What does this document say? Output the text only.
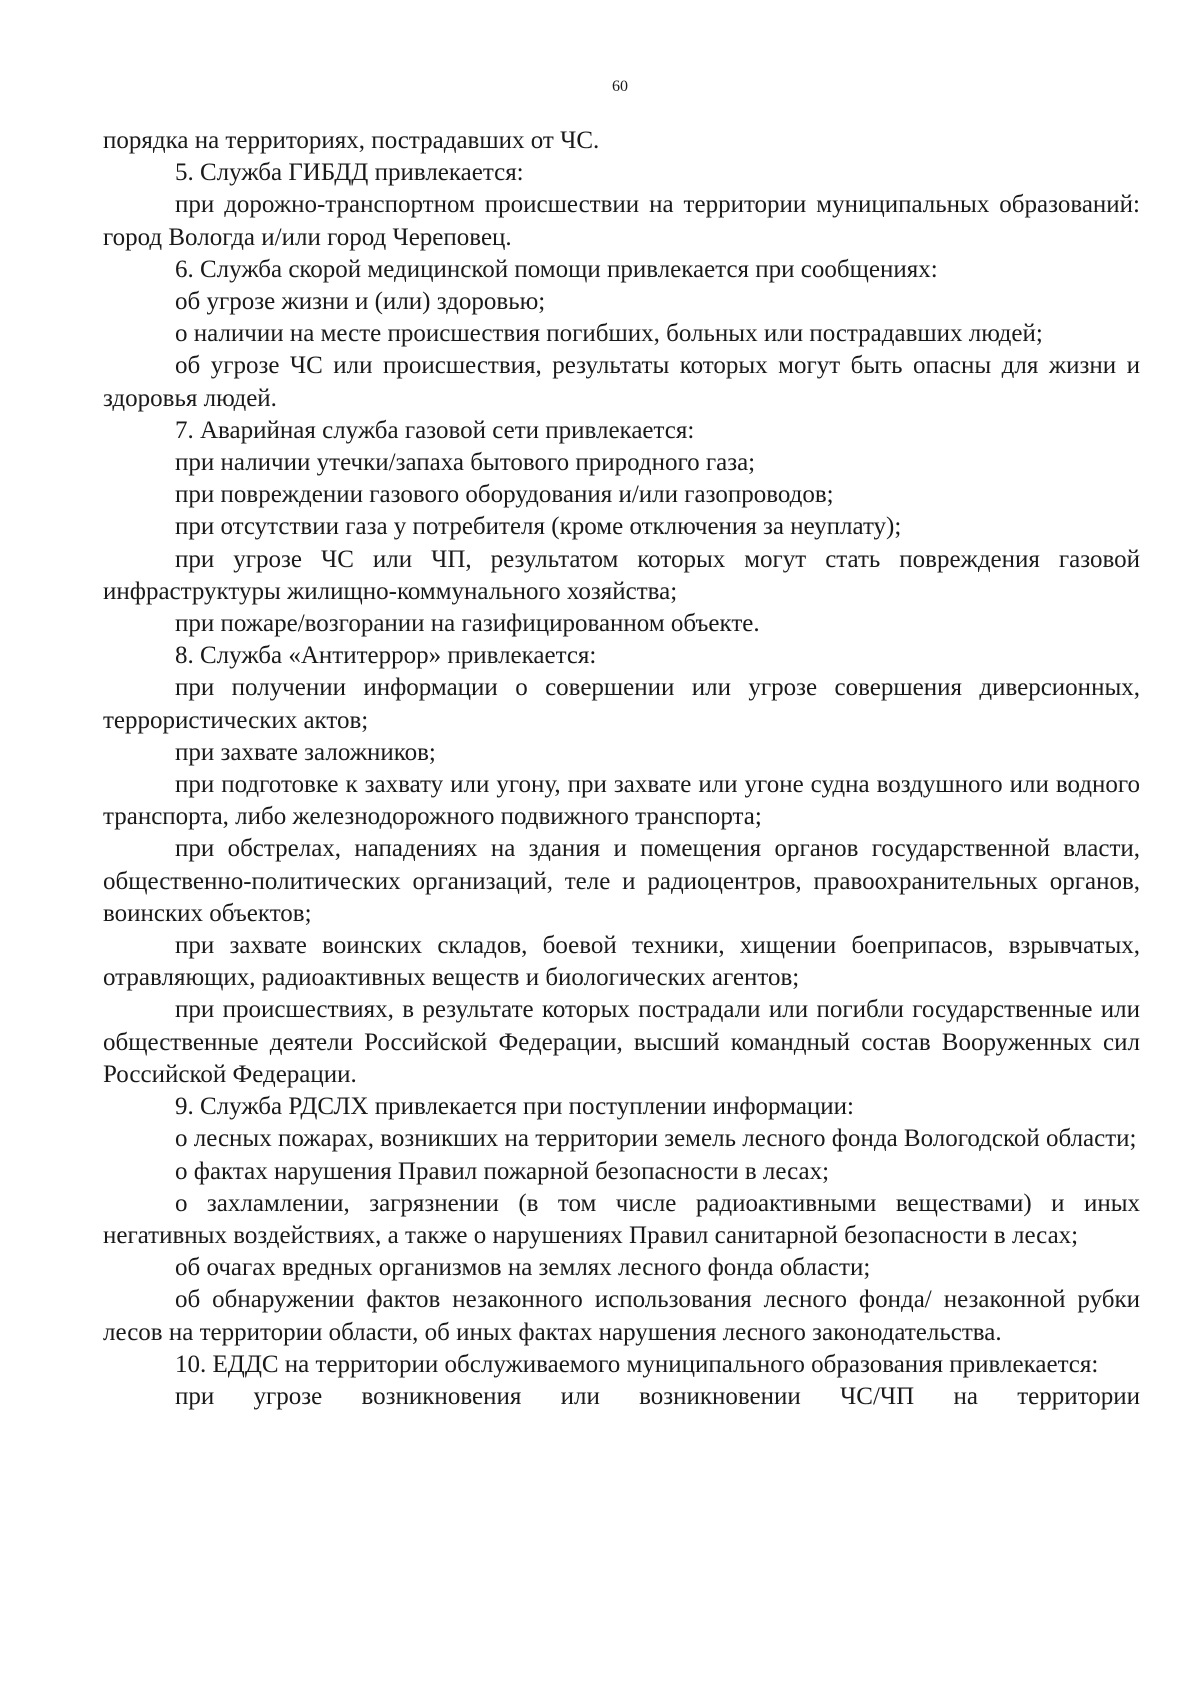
60

порядка на территориях, пострадавших от ЧС.

5. Служба ГИБДД привлекается:

при дорожно-транспортном происшествии на территории муниципальных образований: город Вологда и/или город Череповец.

6. Служба скорой медицинской помощи привлекается при сообщениях:

об угрозе жизни и (или) здоровью;

о наличии на месте происшествия погибших, больных или пострадавших людей;

об угрозе ЧС или происшествия, результаты которых могут быть опасны для жизни и здоровья людей.

7. Аварийная служба газовой сети привлекается:

при наличии утечки/запаха бытового природного газа;

при повреждении газового оборудования и/или газопроводов;

при отсутствии газа у потребителя (кроме отключения за неуплату);

при угрозе ЧС или ЧП, результатом которых могут стать повреждения газовой инфраструктуры жилищно-коммунального хозяйства;

при пожаре/возгорании на газифицированном объекте.

8. Служба «Антитеррор» привлекается:

при получении информации о совершении или угрозе совершения диверсионных, террористических актов;

при захвате заложников;

при подготовке к захвату или угону, при захвате или угоне судна воздушного или водного транспорта, либо железнодорожного подвижного транспорта;

при обстрелах, нападениях на здания и помещения органов государственной власти, общественно-политических организаций, теле и радиоцентров, правоохранительных органов, воинских объектов;

при захвате воинских складов, боевой техники, хищении боеприпасов, взрывчатых, отравляющих, радиоактивных веществ и биологических агентов;

при происшествиях, в результате которых пострадали или погибли государственные или общественные деятели Российской Федерации, высший командный состав Вооруженных сил Российской Федерации.

9. Служба РДСЛХ привлекается при поступлении информации:

о лесных пожарах, возникших на территории земель лесного фонда Вологодской области;

о фактах нарушения Правил пожарной безопасности в лесах;

о захламлении, загрязнении (в том числе радиоактивными веществами) и иных негативных воздействиях, а также о нарушениях Правил санитарной безопасности в лесах;

об очагах вредных организмов на землях лесного фонда области;

об обнаружении фактов незаконного использования лесного фонда/ незаконной рубки лесов на территории области, об иных фактах нарушения лесного законодательства.

10. ЕДДС на территории обслуживаемого муниципального образования привлекается:

при угрозе возникновения или возникновении ЧС/ЧП на территории
